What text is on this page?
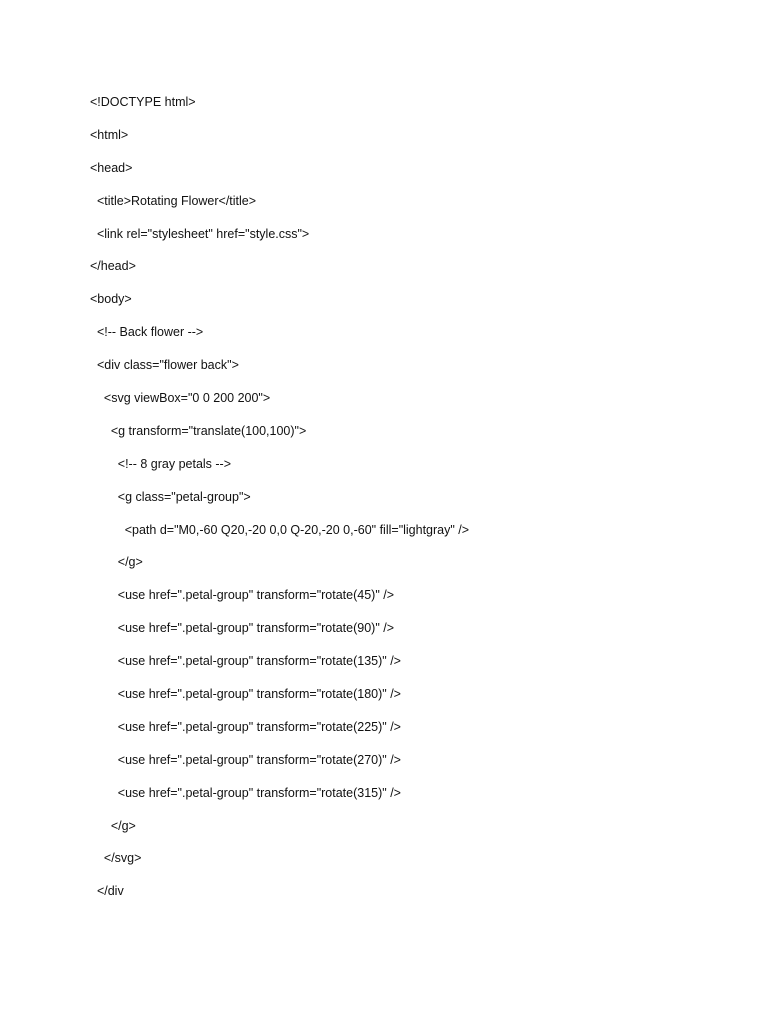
<!DOCTYPE html>
<html>
<head>
<title>Rotating Flower</title>
<link rel="stylesheet" href="style.css">
</head>
<body>
<!-- Back flower -->
<div class="flower back">
<svg viewBox="0 0 200 200">
<g transform="translate(100,100)">
<!-- 8 gray petals -->
<g class="petal-group">
<path d="M0,-60 Q20,-20 0,0 Q-20,-20 0,-60" fill="lightgray" />
</g>
<use href=".petal-group" transform="rotate(45)" />
<use href=".petal-group" transform="rotate(90)" />
<use href=".petal-group" transform="rotate(135)" />
<use href=".petal-group" transform="rotate(180)" />
<use href=".petal-group" transform="rotate(225)" />
<use href=".petal-group" transform="rotate(270)" />
<use href=".petal-group" transform="rotate(315)" />
</g>
</svg>
</div
